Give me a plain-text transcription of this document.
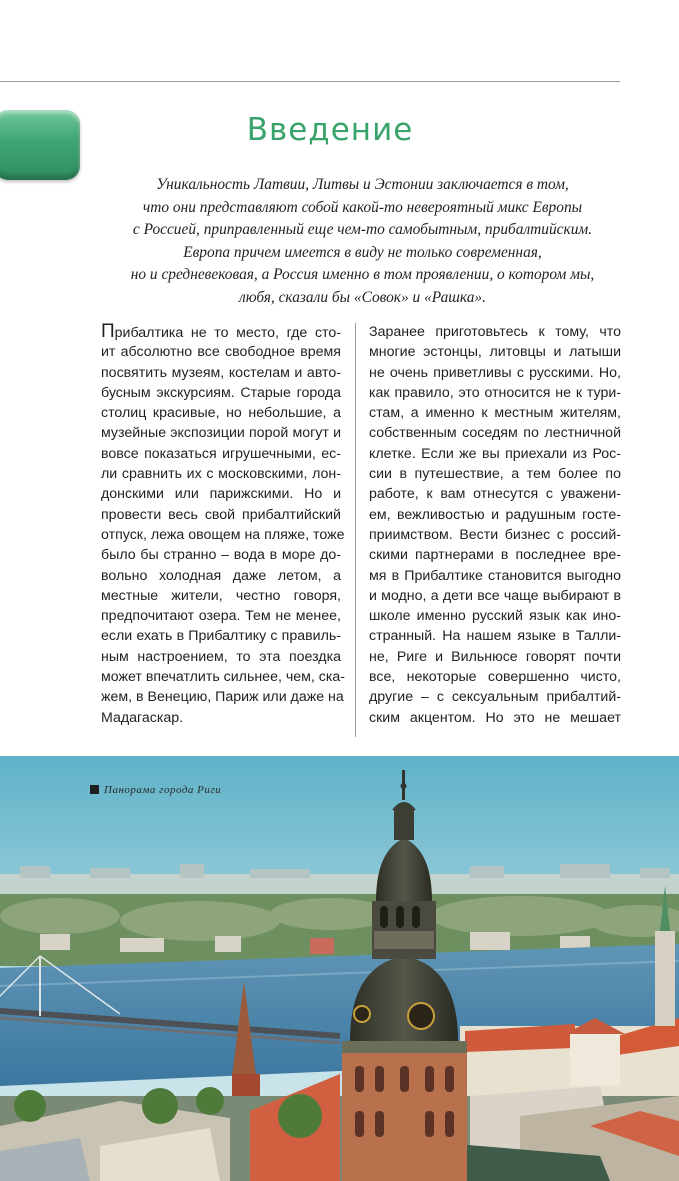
Введение
Уникальность Латвии, Литвы и Эстонии заключается в том,
что они представляют собой какой-то невероятный микс Европы
с Россией, приправленный еще чем-то самобытным, прибалтийским.
Европа причем имеется в виду не только современная,
но и средневековая, а Россия именно в том проявлении, о котором мы,
любя, сказали бы «Совок» и «Рашка».
Прибалтика не то место, где сто-
ит абсолютно все свободное время
посвятить музеям, костелам и авто-
бусным экскурсиям. Старые города
столиц красивые, но небольшие, а
музейные экспозиции порой могут и
вовсе показаться игрушечными, ес-
ли сравнить их с московскими, лон-
донскими или парижскими. Но и
провести весь свой прибалтийский
отпуск, лежа овощем на пляже, тоже
было бы странно – вода в море до-
вольно холодная даже летом, а
местные жители, честно говоря,
предпочитают озера. Тем не менее,
если ехать в Прибалтику с правиль-
ным настроением, то эта поездка
может впечатлить сильнее, чем, ска-
жем, в Венецию, Париж или даже на
Мадагаскар.
Заранее приготовьтесь к тому, что
многие эстонцы, литовцы и латыши
не очень приветливы с русскими. Но,
как правило, это относится не к тури-
стам, а именно к местным жителям,
собственным соседям по лестничной
клетке. Если же вы приехали из Рос-
сии в путешествие, а тем более по
работе, к вам отнесутся с уважени-
ем, вежливостью и радушным госте-
приимством. Вести бизнес с россий-
скими партнерами в последнее вре-
мя в Прибалтике становится выгодно
и модно, а дети все чаще выбирают в
школе именно русский язык как ино-
странный. На нашем языке в Талли-
не, Риге и Вильнюсе говорят почти
все, некоторые совершенно чисто,
другие – с сексуальным прибалтий-
ским акцентом. Но это не мешает
Панорама города Риги
